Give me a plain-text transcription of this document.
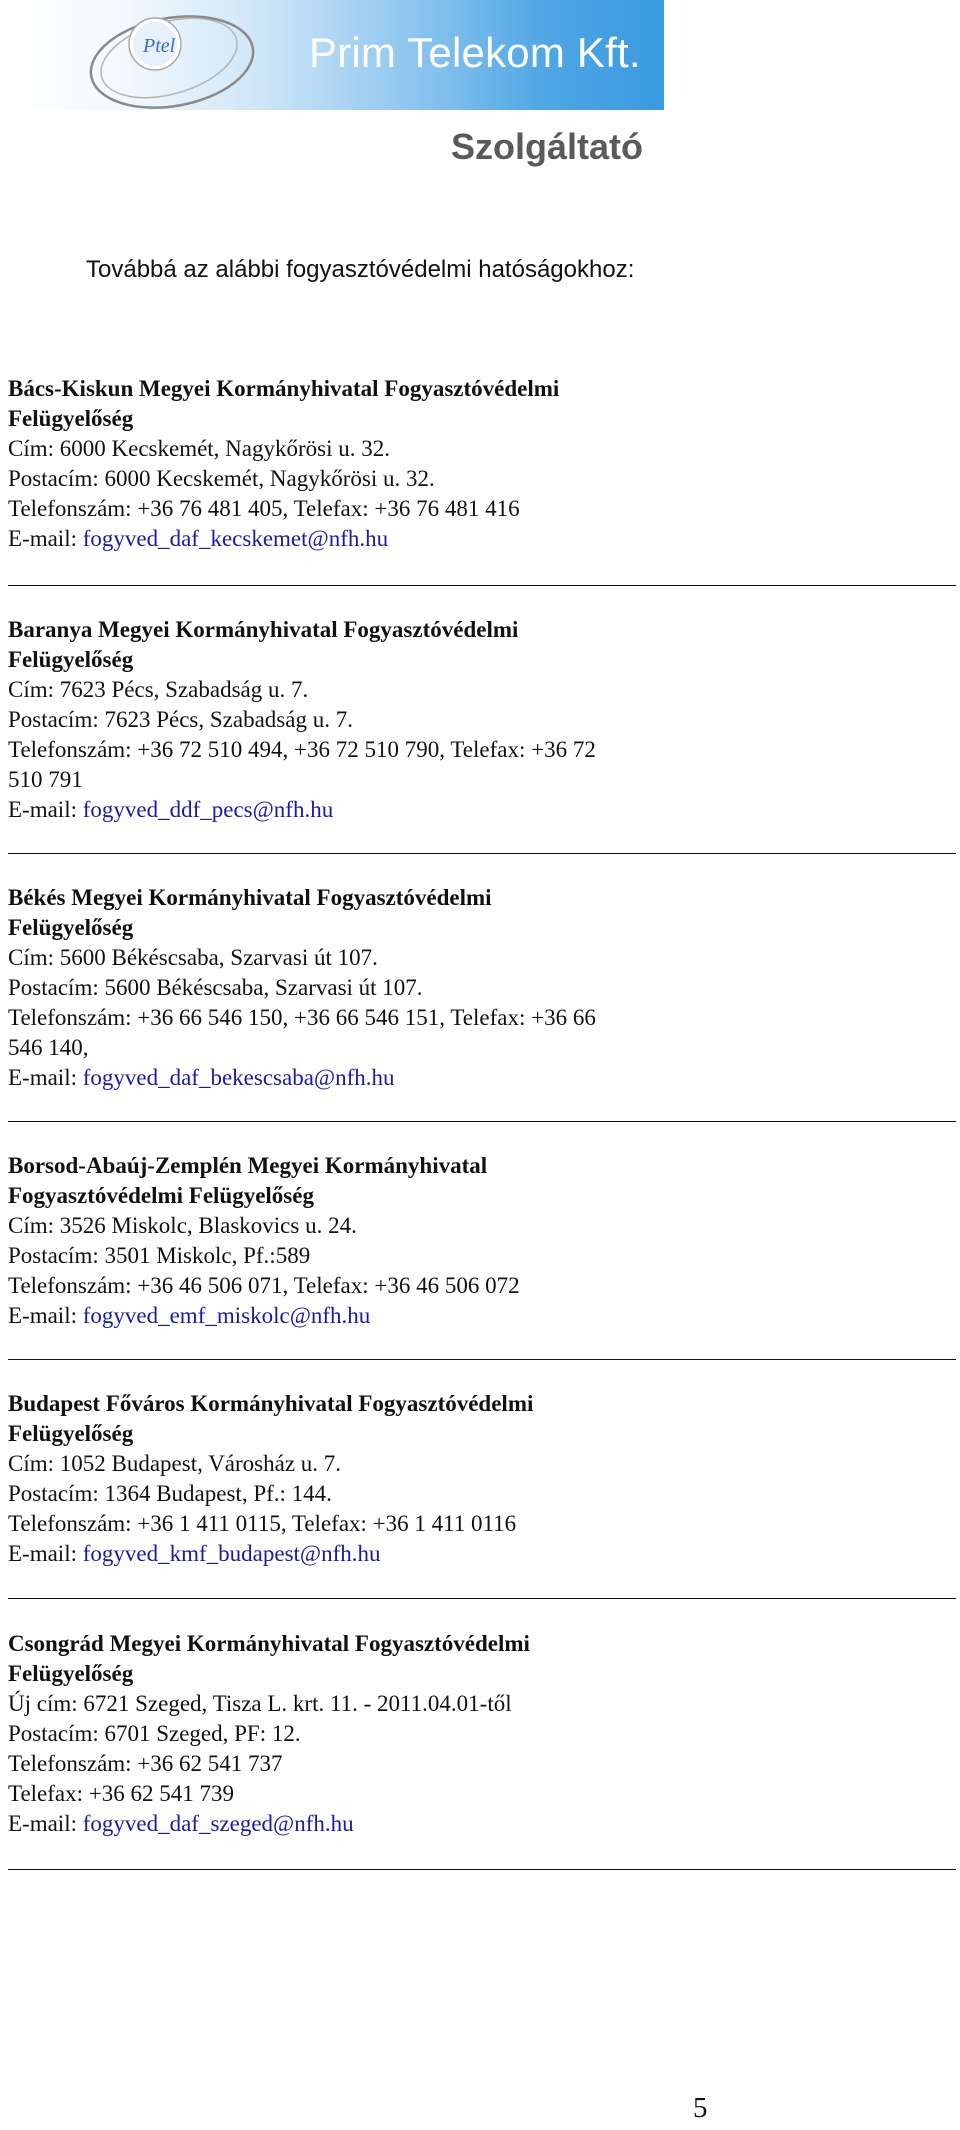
Ptel	Prim Telekom Kft.
Szolgáltató
Továbbá az alábbi fogyasztóvédelmi hatóságokhoz:
Bács-Kiskun Megyei Kormányhivatal Fogyasztóvédelmi
Felügyelőség
Cím: 6000 Kecskemét, Nagykőrösi u. 32.
Postacím: 6000 Kecskemét, Nagykőrösi u. 32.
Telefonszám: +36 76 481 405, Telefax: +36 76 481 416
E-mail: fogyved_daf_kecskemet@nfh.hu
Baranya Megyei Kormányhivatal Fogyasztóvédelmi
Felügyelőség
Cím: 7623 Pécs, Szabadság u. 7.
Postacím: 7623 Pécs, Szabadság u. 7.
Telefonszám: +36 72 510 494, +36 72 510 790, Telefax: +36 72
510 791
E-mail: fogyved_ddf_pecs@nfh.hu
Békés Megyei Kormányhivatal Fogyasztóvédelmi
Felügyelőség
Cím: 5600 Békéscsaba, Szarvasi út 107.
Postacím: 5600 Békéscsaba, Szarvasi út 107.
Telefonszám: +36 66 546 150, +36 66 546 151, Telefax: +36 66
546 140,
E-mail: fogyved_daf_bekescsaba@nfh.hu
Borsod-Abaúj-Zemplén Megyei Kormányhivatal
Fogyasztóvédelmi Felügyelőség
Cím: 3526 Miskolc, Blaskovics u. 24.
Postacím: 3501 Miskolc, Pf.:589
Telefonszám: +36 46 506 071, Telefax: +36 46 506 072
E-mail: fogyved_emf_miskolc@nfh.hu
Budapest Főváros Kormányhivatal Fogyasztóvédelmi
Felügyelőség
Cím: 1052 Budapest, Városház u. 7.
Postacím: 1364 Budapest, Pf.: 144.
Telefonszám: +36 1 411 0115, Telefax: +36 1 411 0116
E-mail: fogyved_kmf_budapest@nfh.hu
Csongrád Megyei Kormányhivatal Fogyasztóvédelmi
Felügyelőség
Új cím: 6721 Szeged, Tisza L. krt. 11. - 2011.04.01-től
Postacím: 6701 Szeged, PF: 12.
Telefonszám: +36 62 541 737
Telefax: +36 62 541 739
E-mail: fogyved_daf_szeged@nfh.hu
5
